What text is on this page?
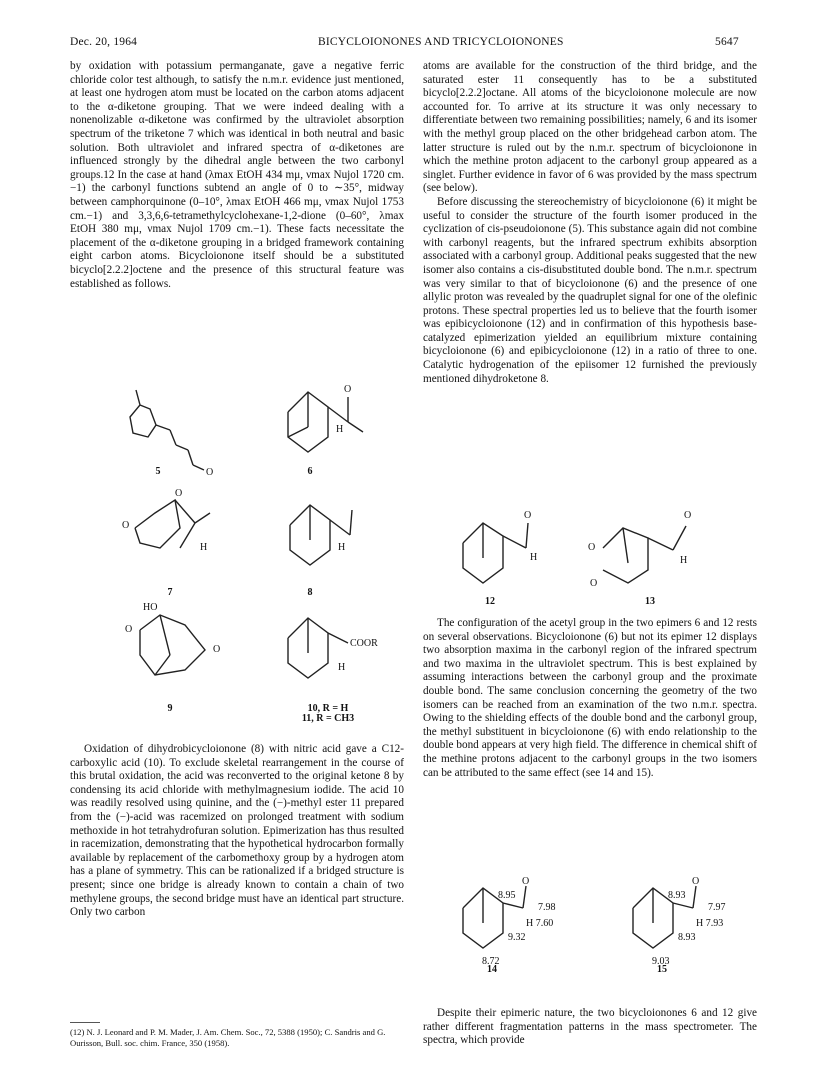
Dec. 20, 1964	BICYCLOIONONES AND TRICYCLOIONONES	5647

by oxidation with potassium permanganate, gave a negative ferric chloride color test although, to satisfy the n.m.r. evidence just mentioned, at least one hydrogen atom must be located on the carbon atoms adjacent to the α-diketone grouping. That we were indeed dealing with a nonenolizable α-diketone was confirmed by the ultraviolet absorption spectrum of the triketone 7 which was identical in both neutral and basic solution. Both ultraviolet and infrared spectra of α-diketones are influenced strongly by the dihedral angle between the two carbonyl groups.12 In the case at hand (λmax EtOH 434 mμ, νmax Nujol 1720 cm.−1) the carbonyl functions subtend an angle of 0 to ∼35°, midway between camphorquinone (0–10°, λmax EtOH 466 mμ, νmax Nujol 1753 cm.−1) and 3,3,6,6-tetramethylcyclohexane-1,2-dione (0–60°, λmax EtOH 380 mμ, νmax Nujol 1709 cm.−1). These facts necessitate the placement of the α-diketone grouping in a bridged framework containing eight carbon atoms. Bicycloionone itself should be a substituted bicyclo[2.2.2]octene and the presence of this structural feature was established as follows.

O
5
O
H
6
O
O
H
7
H
8
HO
O
O
9
COOR
H
10, R = H
11, R = CH3

Oxidation of dihydrobicycloionone (8) with nitric acid gave a C12-carboxylic acid (10). To exclude skeletal rearrangement in the course of this brutal oxidation, the acid was reconverted to the original ketone 8 by condensing its acid chloride with methylmagnesium iodide. The acid 10 was readily resolved using quinine, and the (−)-methyl ester 11 prepared from the (−)-acid was racemized on prolonged treatment with sodium methoxide in hot tetrahydrofuran solution. Epimerization has thus resulted in racemization, demonstrating that the hypothetical hydrocarbon formally available by replacement of the carbomethoxy group by a hydrogen atom has a plane of symmetry. This can be rationalized if a bridged structure is present; since one bridge is already known to contain a chain of two methylene groups, the second bridge must have an identical part structure. Only two carbon

(12) N. J. Leonard and P. M. Mader, J. Am. Chem. Soc., 72, 5388 (1950); C. Sandris and G. Ourisson, Bull. soc. chim. France, 350 (1958).

atoms are available for the construction of the third bridge, and the saturated ester 11 consequently has to be a substituted bicyclo[2.2.2]octane. All atoms of the bicycloionone molecule are now accounted for. To arrive at its structure it was only necessary to differentiate between two remaining possibilities; namely, 6 and its isomer with the methyl group placed on the other bridgehead carbon atom. The latter structure is ruled out by the n.m.r. spectrum of bicycloionone in which the methine proton adjacent to the carbonyl group appeared as a singlet. Further evidence in favor of 6 was provided by the mass spectrum (see below).

Before discussing the stereochemistry of bicycloionone (6) it might be useful to consider the structure of the fourth isomer produced in the cyclization of cis-pseudoionone (5). This substance again did not combine with carbonyl reagents, but the infrared spectrum exhibits absorption associated with a carbonyl group. Additional peaks suggested that the new isomer also contains a cis-disubstituted double bond. The n.m.r. spectrum was very similar to that of bicycloionone (6) and the presence of one allylic proton was revealed by the quadruplet signal for one of the olefinic protons. These spectral properties led us to believe that the fourth isomer was epibicycloionone (12) and in confirmation of this hypothesis base-catalyzed epimerization yielded an equilibrium mixture containing bicycloionone (6) and epibicycloionone (12) in a ratio of three to one. Catalytic hydrogenation of the epiisomer 12 furnished the previously mentioned dihydroketone 8.

O
H
12
O
O
O
H
13

The configuration of the acetyl group in the two epimers 6 and 12 rests on several observations. Bicycloionone (6) but not its epimer 12 displays two absorption maxima in the carbonyl region of the infrared spectrum and two maxima in the ultraviolet spectrum. This is best explained by assuming interactions between the carbonyl group and the proximate double bond. The same conclusion concerning the geometry of the two isomers can be reached from an examination of the two n.m.r. spectra. Owing to the shielding effects of the double bond and the carbonyl group, the methyl substituent in bicycloionone (6) with endo relationship to the double bond appears at very high field. The difference in chemical shift of the methine protons adjacent to the carbonyl groups in the two isomers can be attributed to the same effect (see 14 and 15).

O
8.95
7.98
H 7.60
9.32
8.72
14
O
8.93
7.97
H 7.93
8.93
9.03
15

Despite their epimeric nature, the two bicycloionones 6 and 12 give rather different fragmentation patterns in the mass spectrometer. The spectra, which provide
